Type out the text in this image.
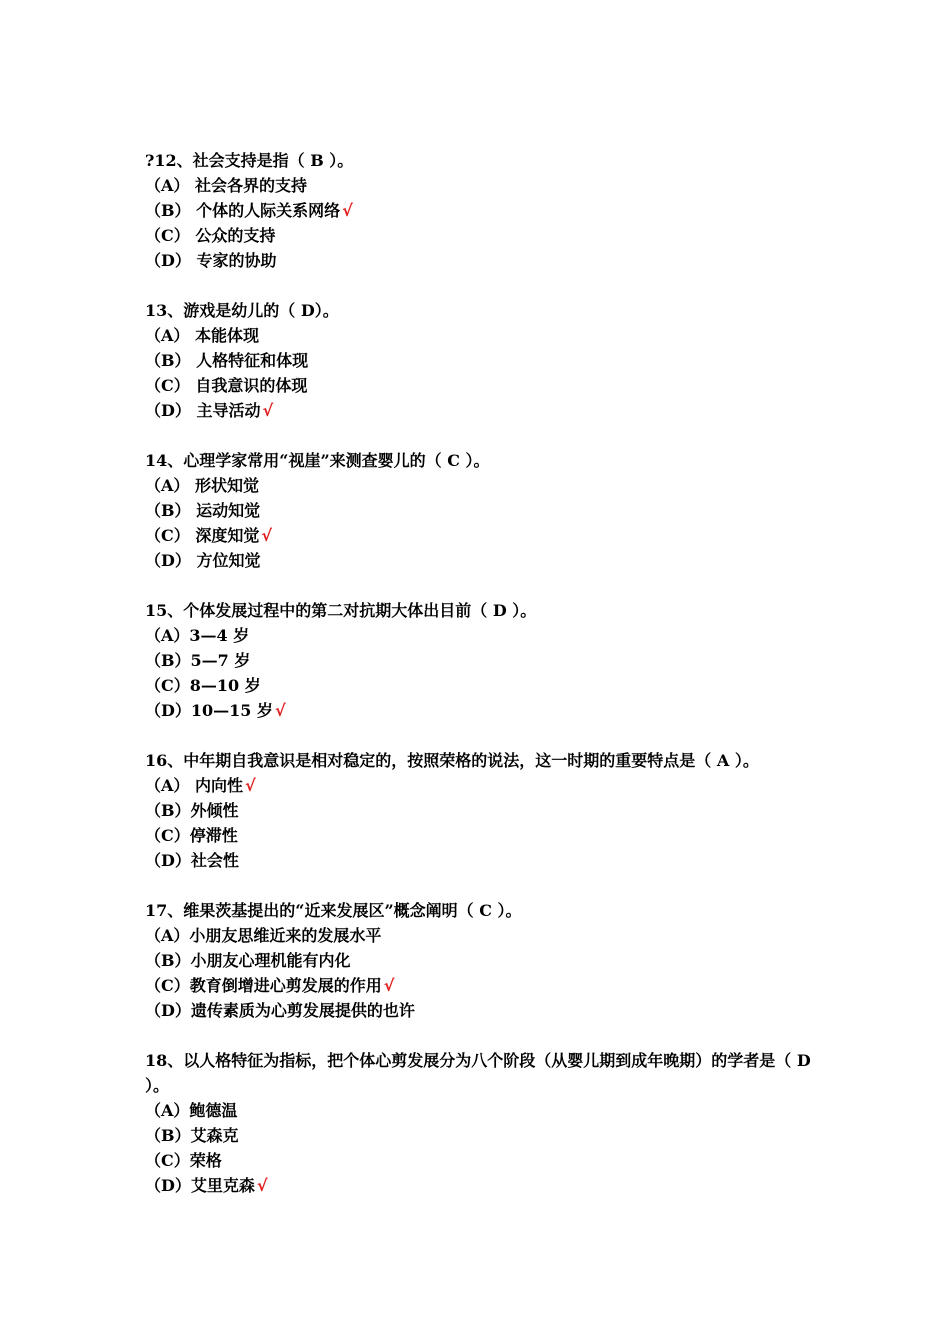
?12、社会支持是指（ B ）。
（A） 社会各界的支持
（B） 个体的人际关系网络 √
（C） 公众的支持
（D） 专家的协助
13、游戏是幼儿的（ D）。
（A） 本能体现
（B） 人格特征和体现
（C） 自我意识的体现
（D） 主导活动 √
14、心理学家常用“视崖”来测查婴儿的（ C ）。
（A） 形状知觉
（B） 运动知觉
（C） 深度知觉 √
（D） 方位知觉
15、个体发展过程中的第二对抗期大体出目前（ D ）。
（A）3—4 岁
（B）5—7 岁
（C）8—10 岁
（D）10—15 岁 √
16、中年期自我意识是相对稳定的，按照荣格的说法，这一时期的重要特点是（ A ）。
（A） 内向性 √
（B）外倾性
（C）停滞性
（D）社会性
17、维果茨基提出的“近来发展区”概念阐明（ C ）。
（A）小朋友思维近来的发展水平
（B）小朋友心理机能有内化
（C）教育倒增进心剪发展的作用 √
（D）遗传素质为心剪发展提供的也许
18、以人格特征为指标，把个体心剪发展分为八个阶段（从婴儿期到成年晚期）的学者是（ D ）。
（A）鲍德温
（B）艾森克
（C）荣格
（D）艾里克森 √
